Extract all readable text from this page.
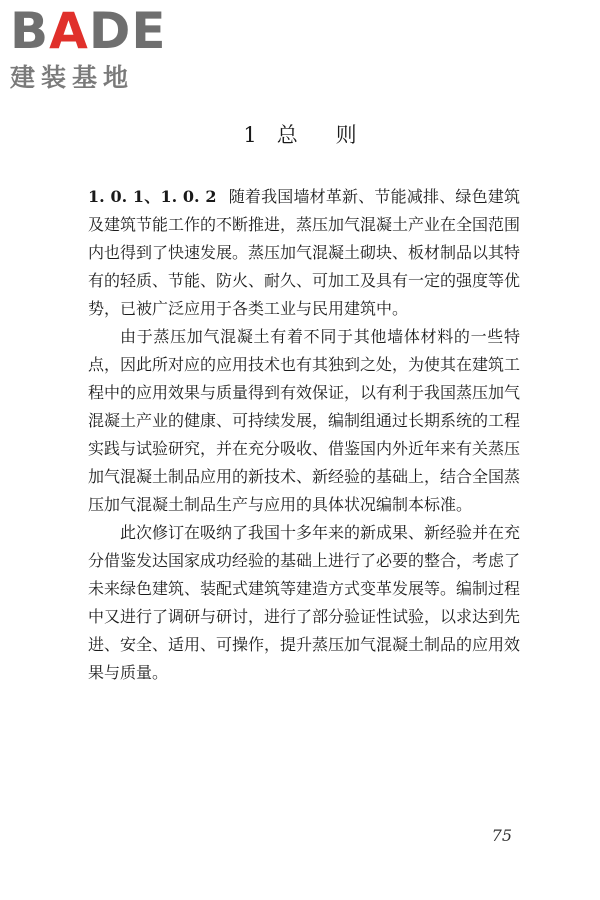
BADE
建装基地
1 总则

1. 0. 1、1. 0. 2 随着我国墙材革新、节能减排、绿色建筑及建筑节能工作的不断推进，蒸压加气混凝土产业在全国范围内也得到了快速发展。蒸压加气混凝土砌块、板材制品以其特有的轻质、节能、防火、耐久、可加工及具有一定的强度等优势，已被广泛应用于各类工业与民用建筑中。

由于蒸压加气混凝土有着不同于其他墙体材料的一些特点，因此所对应的应用技术也有其独到之处，为使其在建筑工程中的应用效果与质量得到有效保证，以有利于我国蒸压加气混凝土产业的健康、可持续发展，编制组通过长期系统的工程实践与试验研究，并在充分吸收、借鉴国内外近年来有关蒸压加气混凝土制品应用的新技术、新经验的基础上，结合全国蒸压加气混凝土制品生产与应用的具体状况编制本标准。

此次修订在吸纳了我国十多年来的新成果、新经验并在充分借鉴发达国家成功经验的基础上进行了必要的整合，考虑了未来绿色建筑、装配式建筑等建造方式变革发展等。编制过程中又进行了调研与研讨，进行了部分验证性试验，以求达到先进、安全、适用、可操作，提升蒸压加气混凝土制品的应用效果与质量。

75
